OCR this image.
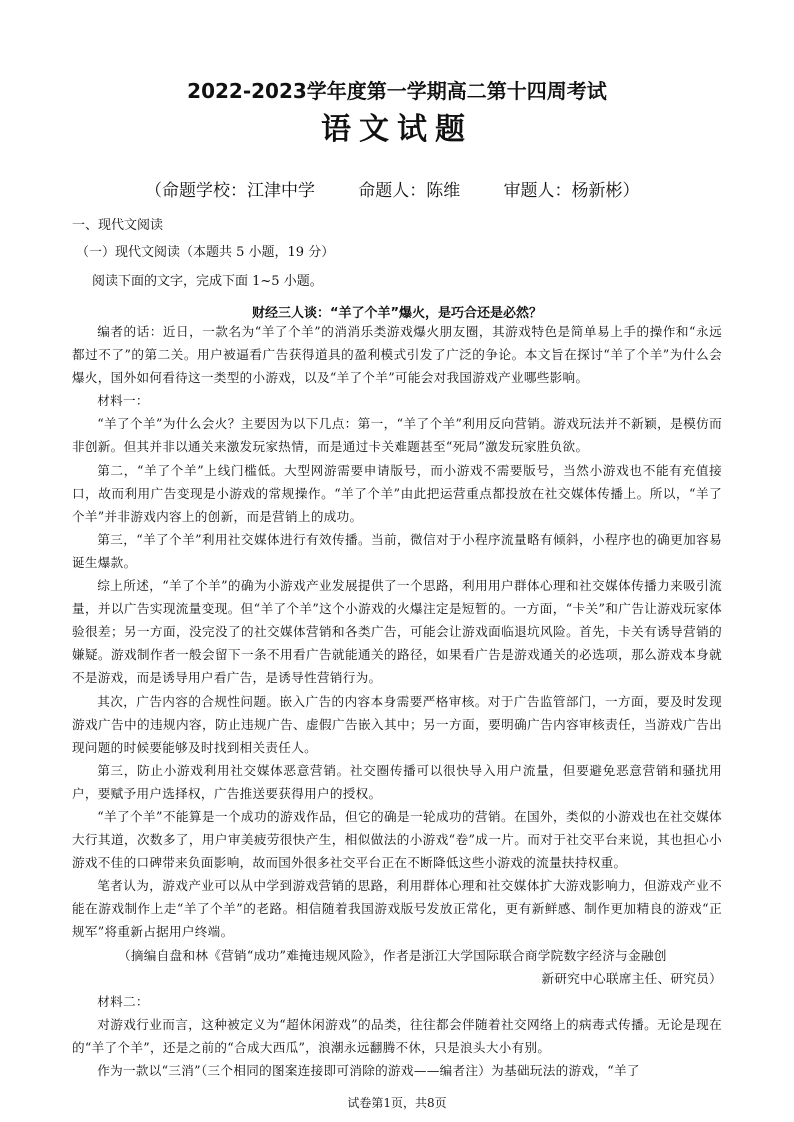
2022-2023学年度第一学期高二第十四周考试
语文试题
（命题学校：江津中学	命题人：陈维	审题人：杨新彬）
一、现代文阅读
（一）现代文阅读（本题共 5 小题，19 分）
阅读下面的文字，完成下面 1~5 小题。
财经三人谈：“羊了个羊”爆火，是巧合还是必然？

编者的话：近日，一款名为“羊了个羊”的消消乐类游戏爆火朋友圈，其游戏特色是简单易上手的操作和“永远都过不了”的第二关。用户被逼看广告获得道具的盈利模式引发了广泛的争论。本文旨在探讨“羊了个羊”为什么会爆火，国外如何看待这一类型的小游戏，以及“羊了个羊”可能会对我国游戏产业哪些影响。

材料一：

“羊了个羊”为什么会火？主要因为以下几点：第一，“羊了个羊”利用反向营销。游戏玩法并不新颖，是模仿而非创新。但其并非以通关来激发玩家热情，而是通过卡关难题甚至“死局”激发玩家胜负欲。

第二，“羊了个羊”上线门槛低。大型网游需要申请版号，而小游戏不需要版号，当然小游戏也不能有充值接口，故而利用广告变现是小游戏的常规操作。“羊了个羊”由此把运营重点都投放在社交媒体传播上。所以，“羊了个羊”并非游戏内容上的创新，而是营销上的成功。

第三，“羊了个羊”利用社交媒体进行有效传播。当前，微信对于小程序流量略有倾斜，小程序也的确更加容易诞生爆款。

综上所述，“羊了个羊”的确为小游戏产业发展提供了一个思路，利用用户群体心理和社交媒体传播力来吸引流量，并以广告实现流量变现。但“羊了个羊”这个小游戏的火爆注定是短暂的。一方面，“卡关”和广告让游戏玩家体验很差；另一方面，没完没了的社交媒体营销和各类广告，可能会让游戏面临退坑风险。首先，卡关有诱导营销的嫌疑。游戏制作者一般会留下一条不用看广告就能通关的路径，如果看广告是游戏通关的必选项，那么游戏本身就不是游戏，而是诱导用户看广告，是诱导性营销行为。

其次，广告内容的合规性问题。嵌入广告的内容本身需要严格审核。对于广告监管部门，一方面，要及时发现游戏广告中的违规内容，防止违规广告、虚假广告嵌入其中；另一方面，要明确广告内容审核责任，当游戏广告出现问题的时候要能够及时找到相关责任人。

第三，防止小游戏利用社交媒体恶意营销。社交圈传播可以很快导入用户流量，但要避免恶意营销和骚扰用户，要赋予用户选择权，广告推送要获得用户的授权。

“羊了个羊”不能算是一个成功的游戏作品，但它的确是一轮成功的营销。在国外，类似的小游戏也在社交媒体大行其道，次数多了，用户审美疲劳很快产生，相似做法的小游戏“卷”成一片。而对于社交平台来说，其也担心小游戏不佳的口碑带来负面影响，故而国外很多社交平台正在不断降低这些小游戏的流量扶持权重。

笔者认为，游戏产业可以从中学到游戏营销的思路，利用群体心理和社交媒体扩大游戏影响力，但游戏产业不能在游戏制作上走“羊了个羊”的老路。相信随着我国游戏版号发放正常化，更有新鲜感、制作更加精良的游戏“正规军”将重新占据用户终端。

（摘编自盘和林《营销“成功”难掩违规风险》，作者是浙江大学国际联合商学院数字经济与金融创
新研究中心联席主任、研究员）

材料二：

对游戏行业而言，这种被定义为“超休闲游戏”的品类，往往都会伴随着社交网络上的病毒式传播。无论是现在的“羊了个羊”，还是之前的“合成大西瓜”，浪潮永远翻腾不休，只是浪头大小有别。

作为一款以“三消”（三个相同的图案连接即可消除的游戏——编者注）为基础玩法的游戏，“羊了

试卷第1页，共8页
